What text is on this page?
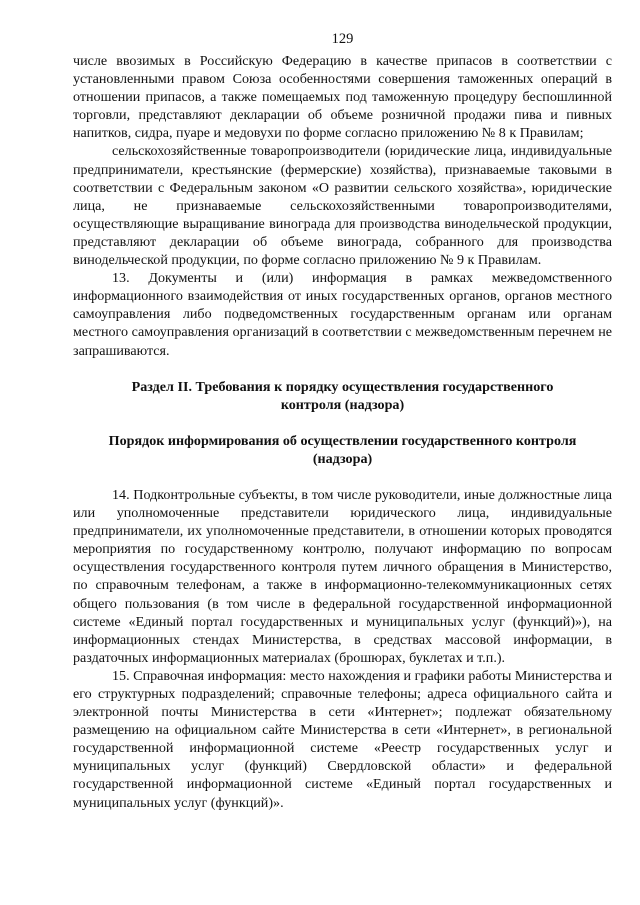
129

числе ввозимых в Российскую Федерацию в качестве припасов в соответствии с установленными правом Союза особенностями совершения таможенных операций в отношении припасов, а также помещаемых под таможенную процедуру беспошлинной торговли, представляют декларации об объеме розничной продажи пива и пивных напитков, сидра, пуаре и медовухи по форме согласно приложению № 8 к Правилам;

сельскохозяйственные товаропроизводители (юридические лица, индивидуальные предприниматели, крестьянские (фермерские) хозяйства), признаваемые таковыми в соответствии с Федеральным законом «О развитии сельского хозяйства», юридические лица, не признаваемые сельскохозяйственными товаропроизводителями, осуществляющие выращивание винограда для производства винодельческой продукции, представляют декларации об объеме винограда, собранного для производства винодельческой продукции, по форме согласно приложению № 9 к Правилам.

13. Документы и (или) информация в рамках межведомственного информационного взаимодействия от иных государственных органов, органов местного самоуправления либо подведомственных государственным органам или органам местного самоуправления организаций в соответствии с межведомственным перечнем не запрашиваются.

Раздел II. Требования к порядку осуществления государственного контроля (надзора)
Порядок информирования об осуществлении государственного контроля (надзора)

14. Подконтрольные субъекты, в том числе руководители, иные должностные лица или уполномоченные представители юридического лица, индивидуальные предприниматели, их уполномоченные представители, в отношении которых проводятся мероприятия по государственному контролю, получают информацию по вопросам осуществления государственного контроля путем личного обращения в Министерство, по справочным телефонам, а также в информационно-телекоммуникационных сетях общего пользования (в том числе в федеральной государственной информационной системе «Единый портал государственных и муниципальных услуг (функций)»), на информационных стендах Министерства, в средствах массовой информации, в раздаточных информационных материалах (брошюрах, буклетах и т.п.).

15. Справочная информация: место нахождения и графики работы Министерства и его структурных подразделений; справочные телефоны; адреса официального сайта и электронной почты Министерства в сети «Интернет»; подлежат обязательному размещению на официальном сайте Министерства в сети «Интернет», в региональной государственной информационной системе «Реестр государственных услуг и муниципальных услуг (функций) Свердловской области» и федеральной государственной информационной системе «Единый портал государственных и муниципальных услуг (функций)».
